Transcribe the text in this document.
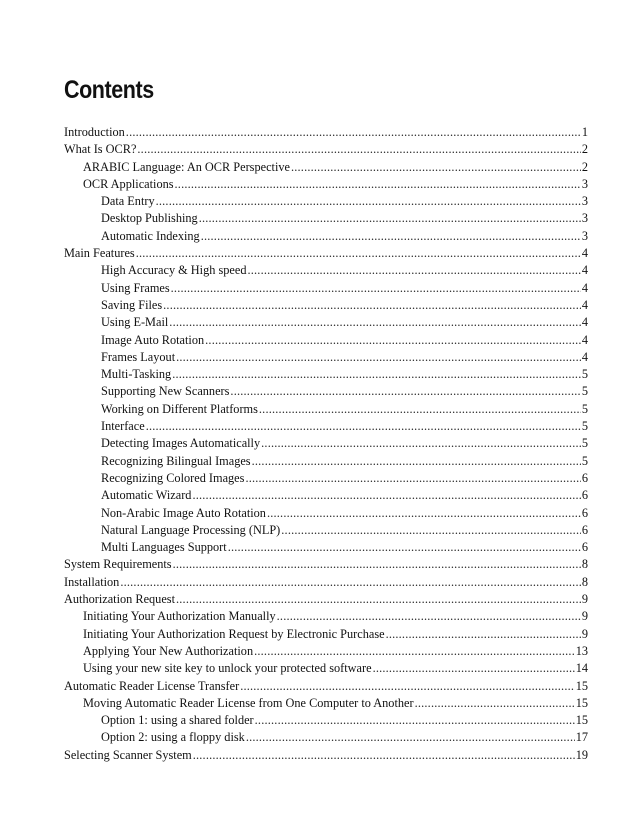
Contents
Introduction .....	1
What Is OCR? .....	2
ARABIC Language: An OCR Perspective .....	2
OCR Applications .....	3
Data Entry .....	3
Desktop Publishing .....	3
Automatic Indexing .....	3
Main Features .....	4
High Accuracy & High speed .....	4
Using Frames .....	4
Saving Files .....	4
Using E-Mail .....	4
Image Auto Rotation .....	4
Frames Layout .....	4
Multi-Tasking .....	5
Supporting New Scanners .....	5
Working on Different Platforms .....	5
Interface .....	5
Detecting Images Automatically .....	5
Recognizing Bilingual Images .....	5
Recognizing Colored Images .....	6
Automatic Wizard .....	6
Non-Arabic Image Auto Rotation .....	6
Natural Language Processing (NLP) .....	6
Multi Languages Support .....	6
System Requirements .....	8
Installation .....	8
Authorization Request .....	9
Initiating Your Authorization Manually .....	9
Initiating Your Authorization Request by Electronic Purchase .....	9
Applying Your New Authorization .....	13
Using your new site key to unlock your protected software .....	14
Automatic Reader License Transfer .....	15
Moving Automatic Reader License from One Computer to Another .....	15
Option 1: using a shared folder .....	15
Option 2: using a floppy disk .....	17
Selecting Scanner System .....	19
